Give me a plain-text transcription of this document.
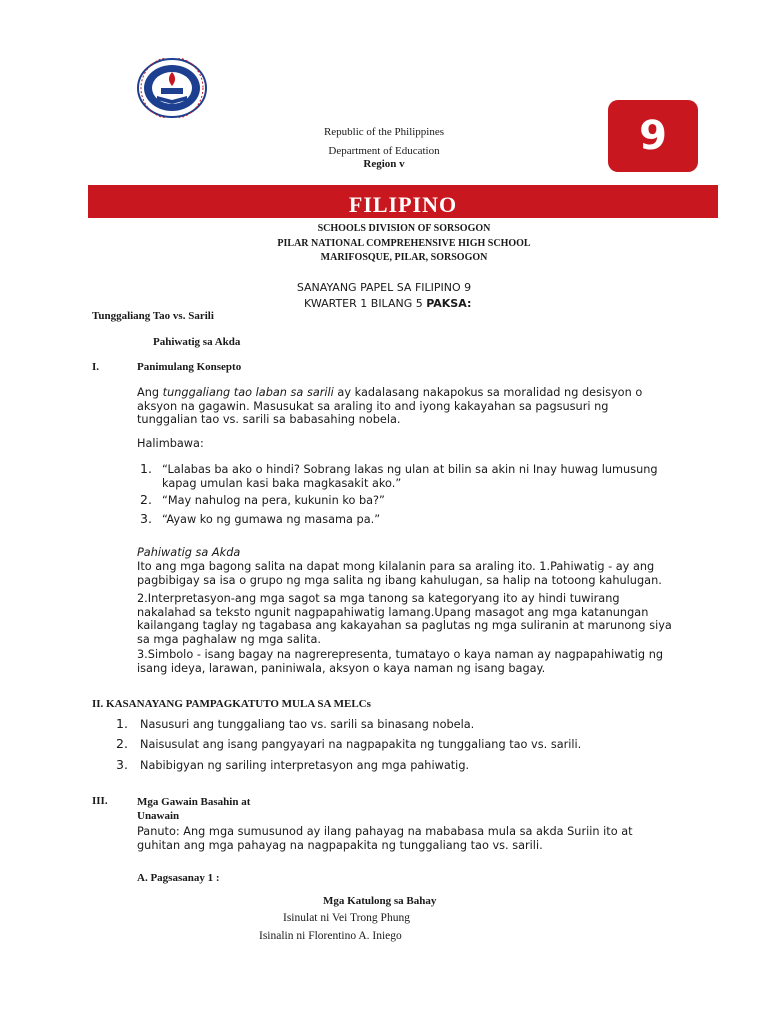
Republic of the Philippines
Department of Education
Region v
9
FILIPINO
SCHOOLS DIVISION OF SORSOGON
PILAR NATIONAL COMPREHENSIVE HIGH SCHOOL
MARIFOSQUE, PILAR, SORSOGON
SANAYANG PAPEL SA FILIPINO 9
KWARTER 1 BILANG 5 PAKSA:
Tunggaliang Tao vs. Sarili
Pahiwatig sa Akda
I.	Panimulang Konsepto
Ang tunggaliang tao laban sa sarili ay kadalasang nakapokus sa moralidad ng desisyon o
aksyon na gagawin. Masusukat sa araling ito and iyong kakayahan sa pagsusuri ng
tunggalian tao vs. sarili sa babasahing nobela.
Halimbawa:
1. “Lalabas ba ako o hindi? Sobrang lakas ng ulan at bilin sa akin ni Inay huwag lumusung
kapag umulan kasi baka magkasakit ako.”
2. “May nahulog na pera, kukunin ko ba?”
3. “Ayaw ko ng gumawa ng masama pa.”
Pahiwatig sa Akda
Ito ang mga bagong salita na dapat mong kilalanin para sa araling ito. 1.Pahiwatig - ay ang
pagbibigay sa isa o grupo ng mga salita ng ibang kahulugan, sa halip na totoong kahulugan.
2.Interpretasyon-ang mga sagot sa mga tanong sa kategoryang ito ay hindi tuwirang
nakalahad sa teksto ngunit nagpapahiwatig lamang.Upang masagot ang mga katanungan
kailangang taglay ng tagabasa ang kakayahan sa paglutas ng mga suliranin at marunong siya
sa mga paghalaw ng mga salita.
3.Simbolo - isang bagay na nagrerepresenta, tumatayo o kaya naman ay nagpapahiwatig ng
isang ideya, larawan, paniniwala, aksyon o kaya naman ng isang bagay.
II. KASANAYANG PAMPAGKATUTO MULA SA MELCs
1. Nasusuri ang tunggaliang tao vs. sarili sa binasang nobela.
2. Naisusulat ang isang pangyayari na nagpapakita ng tunggaliang tao vs. sarili.
3. Nabibigyan ng sariling interpretasyon ang mga pahiwatig.
III.	Mga Gawain Basahin at
Unawain
Panuto: Ang mga sumusunod ay ilang pahayag na mababasa mula sa akda Suriin ito at
guhitan ang mga pahayag na nagpapakita ng tunggaliang tao vs. sarili.
A. Pagsasanay 1 :
Mga Katulong sa Bahay
Isinulat ni Vei Trong Phung
Isinalin ni Florentino A. Iniego
